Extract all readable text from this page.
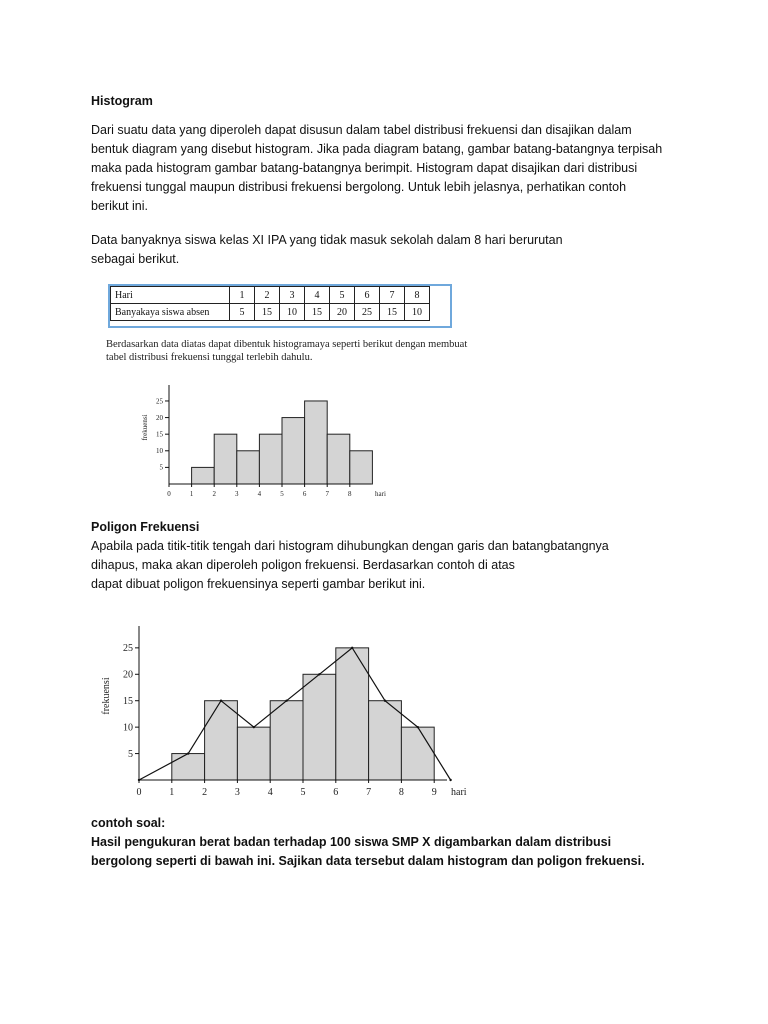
Histogram

Dari suatu data yang diperoleh dapat disusun dalam tabel distribusi frekuensi dan disajikan dalam

bentuk diagram yang disebut histogram. Jika pada diagram batang, gambar batang-batangnya terpisah

maka pada histogram gambar batang-batangnya berimpit. Histogram dapat disajikan dari distribusi

frekuensi tunggal maupun distribusi frekuensi bergolong. Untuk lebih jelasnya, perhatikan contoh

berikut ini.

Data banyaknya siswa kelas XI IPA yang tidak masuk sekolah dalam 8 hari berurutan

sebagai berikut.

Hari	1	2	3	4	5	6	7	8
Banyakaya siswa absen	5	15	10	15	20	25	15	10
Berdasarkan data diatas dapat dibentuk histogramaya seperti berikut dengan membuat
tabel distribusi frekuensi tunggal terlebih dahulu.
5
10
15
20
25
0	1	2	3	4	5	6	7	8	hari
frekuensi

Poligon Frekuensi

Apabila pada titik-titik tengah dari histogram dihubungkan dengan garis dan batangbatangnya

dihapus, maka akan diperoleh poligon frekuensi. Berdasarkan contoh di atas

dapat dibuat poligon frekuensinya seperti gambar berikut ini.

5
10
15
20
25
0	1	2	3	4	5	6	7	8	9 hari
frekuensi

contoh soal:

Hasil pengukuran berat badan terhadap 100 siswa SMP X digambarkan dalam distribusi

bergolong seperti di bawah ini. Sajikan data tersebut dalam histogram dan poligon frekuensi.
